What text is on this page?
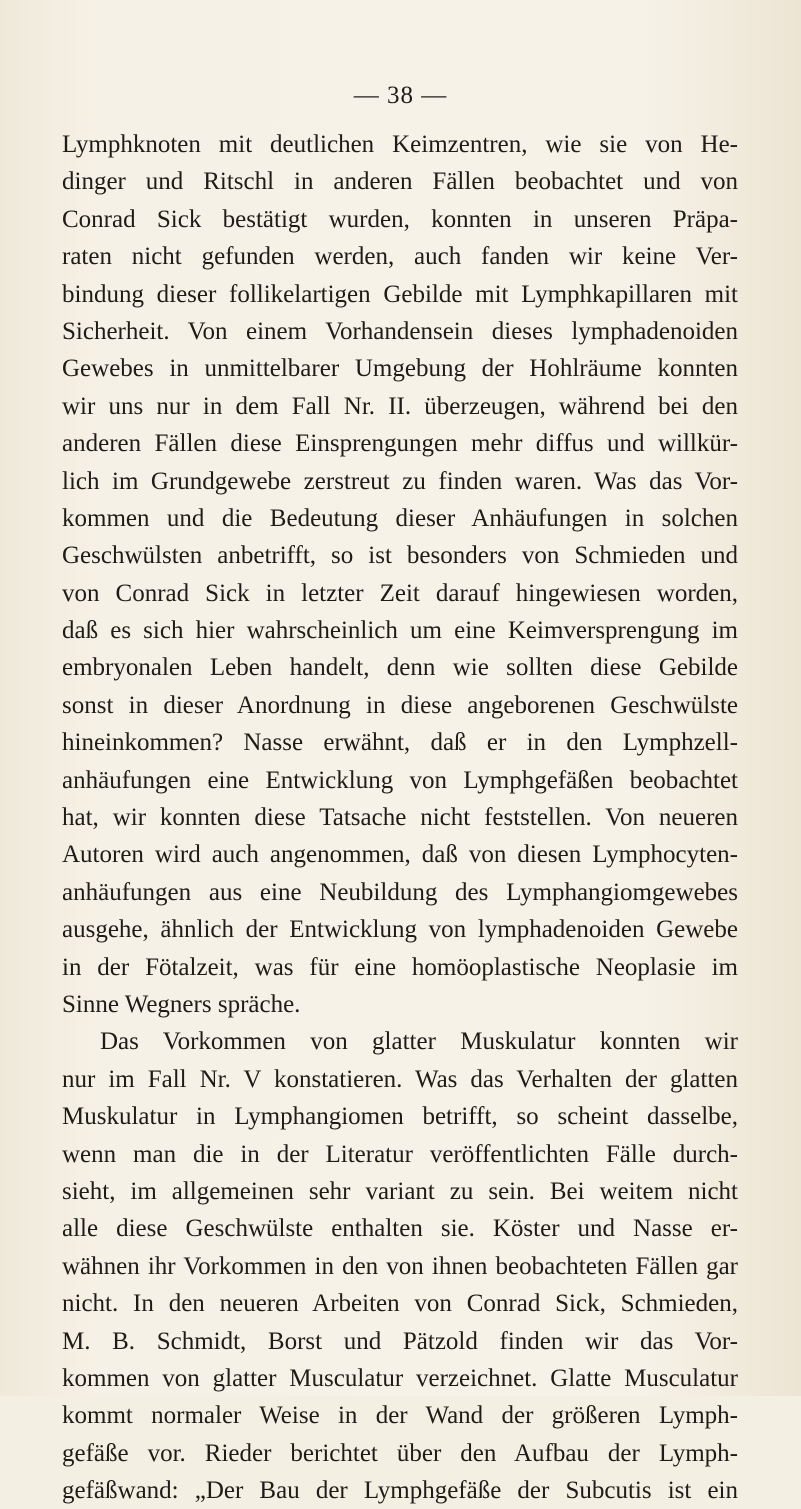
— 38 —
Lymphknoten mit deutlichen Keimzentren, wie sie von He-
dinger und Ritschl in anderen Fällen beobachtet und von
Conrad Sick bestätigt wurden, konnten in unseren Präpa-
raten nicht gefunden werden, auch fanden wir keine Ver-
bindung dieser follikelartigen Gebilde mit Lymphkapillaren mit
Sicherheit. Von einem Vorhandensein dieses lymphadenoiden
Gewebes in unmittelbarer Umgebung der Hohlräume konnten
wir uns nur in dem Fall Nr. II. überzeugen, während bei den
anderen Fällen diese Einsprengungen mehr diffus und willkür-
lich im Grundgewebe zerstreut zu finden waren. Was das Vor-
kommen und die Bedeutung dieser Anhäufungen in solchen
Geschwülsten anbetrifft, so ist besonders von Schmieden und
von Conrad Sick in letzter Zeit darauf hingewiesen worden,
daß es sich hier wahrscheinlich um eine Keimversprengung im
embryonalen Leben handelt, denn wie sollten diese Gebilde
sonst in dieser Anordnung in diese angeborenen Geschwülste
hineinkommen? Nasse erwähnt, daß er in den Lymphzell-
anhäufungen eine Entwicklung von Lymphgefäßen beobachtet
hat, wir konnten diese Tatsache nicht feststellen. Von neueren
Autoren wird auch angenommen, daß von diesen Lymphocyten-
anhäufungen aus eine Neubildung des Lymphangiomgewebes
ausgehe, ähnlich der Entwicklung von lymphadenoiden Gewebe
in der Fötalzeit, was für eine homöoplastische Neoplasie im
Sinne Wegners spräche.
Das Vorkommen von glatter Muskulatur konnten wir
nur im Fall Nr. V konstatieren. Was das Verhalten der glatten
Muskulatur in Lymphangiomen betrifft, so scheint dasselbe,
wenn man die in der Literatur veröffentlichten Fälle durch-
sieht, im allgemeinen sehr variant zu sein. Bei weitem nicht
alle diese Geschwülste enthalten sie. Köster und Nasse er-
wähnen ihr Vorkommen in den von ihnen beobachteten Fällen gar
nicht. In den neueren Arbeiten von Conrad Sick, Schmieden,
M. B. Schmidt, Borst und Pätzold finden wir das Vor-
kommen von glatter Musculatur verzeichnet. Glatte Musculatur
kommt normaler Weise in der Wand der größeren Lymph-
gefäße vor. Rieder berichtet über den Aufbau der Lymph-
gefäßwand: „Der Bau der Lymphgefäße der Subcutis ist ein
